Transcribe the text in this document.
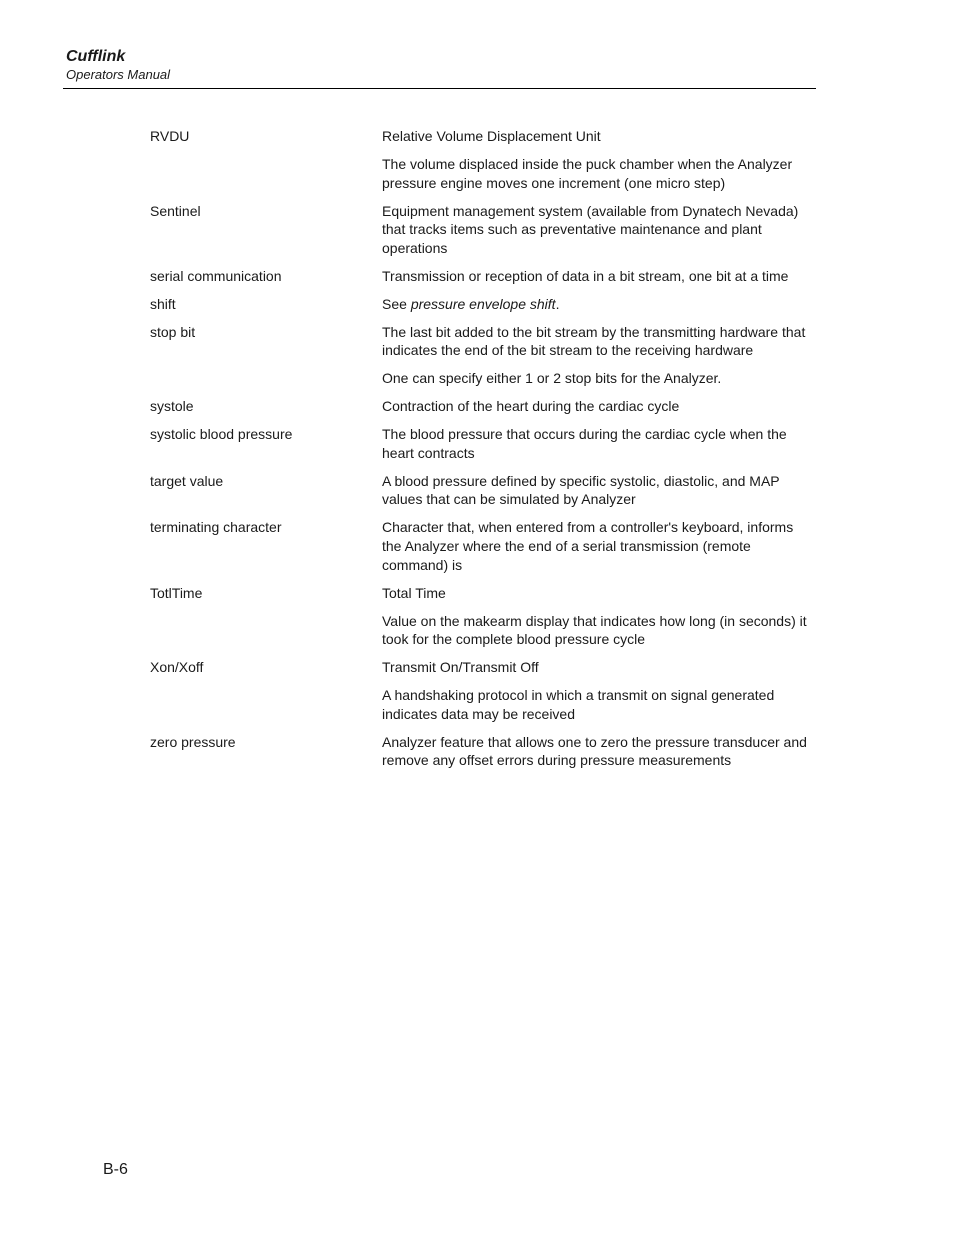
Cufflink
Operators Manual
RVDU	Relative Volume Displacement Unit

The volume displaced inside the puck chamber when the Analyzer pressure engine moves one increment (one micro step)

Sentinel	Equipment management system (available from Dynatech Nevada) that tracks items such as preventative maintenance and plant operations

serial communication	Transmission or reception of data in a bit stream, one bit at a time

shift	See pressure envelope shift.

stop bit	The last bit added to the bit stream by the transmitting hardware that indicates the end of the bit stream to the receiving hardware

One can specify either 1 or 2 stop bits for the Analyzer.

systole	Contraction of the heart during the cardiac cycle

systolic blood pressure	The blood pressure that occurs during the cardiac cycle when the heart contracts

target value	A blood pressure defined by specific systolic, diastolic, and MAP values that can be simulated by Analyzer

terminating character	Character that, when entered from a controller's keyboard, informs the Analyzer where the end of a serial transmission (remote command) is

TotlTime	Total Time

Value on the makearm display that indicates how long (in seconds) it took for the complete blood pressure cycle

Xon/Xoff	Transmit On/Transmit Off

A handshaking protocol in which a transmit on signal generated indicates data may be received

zero pressure	Analyzer feature that allows one to zero the pressure transducer and remove any offset errors during pressure measurements

B-6
